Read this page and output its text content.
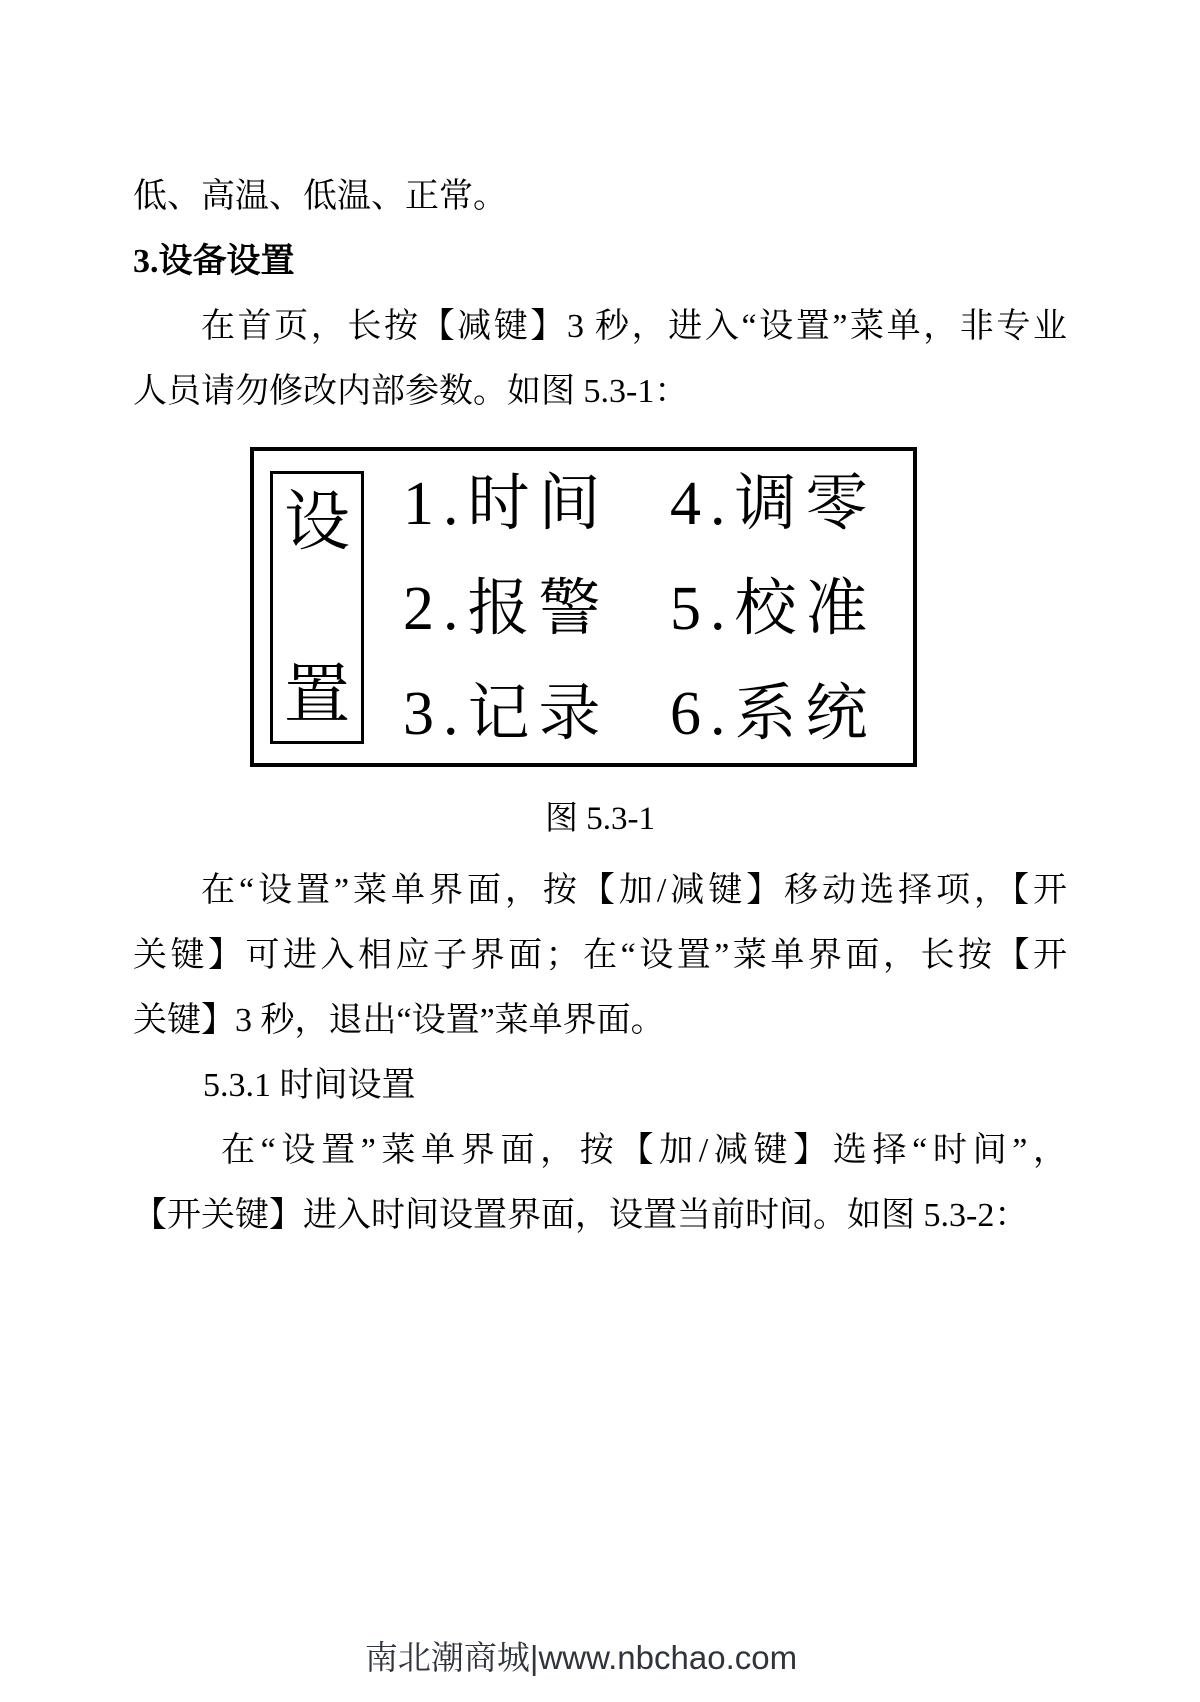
低、高温、低温、正常。
3.设备设置
在首页，长按【减键】3 秒，进入“设置”菜单，非专业
人员请勿修改内部参数。如图 5.3-1：
设
置
1.时间 4.调零
2.报警 5.校准
3.记录 6.系统
图 5.3-1
在“设置”菜单界面，按【加/减键】移动选择项，【开
关键】可进入相应子界面；在“设置”菜单界面，长按【开
关键】3 秒，退出“设置”菜单界面。
5.3.1 时间设置
在“设置”菜单界面，按【加/减键】选择“时间”，
【开关键】进入时间设置界面，设置当前时间。如图 5.3-2：
南北潮商城|www.nbchao.com
